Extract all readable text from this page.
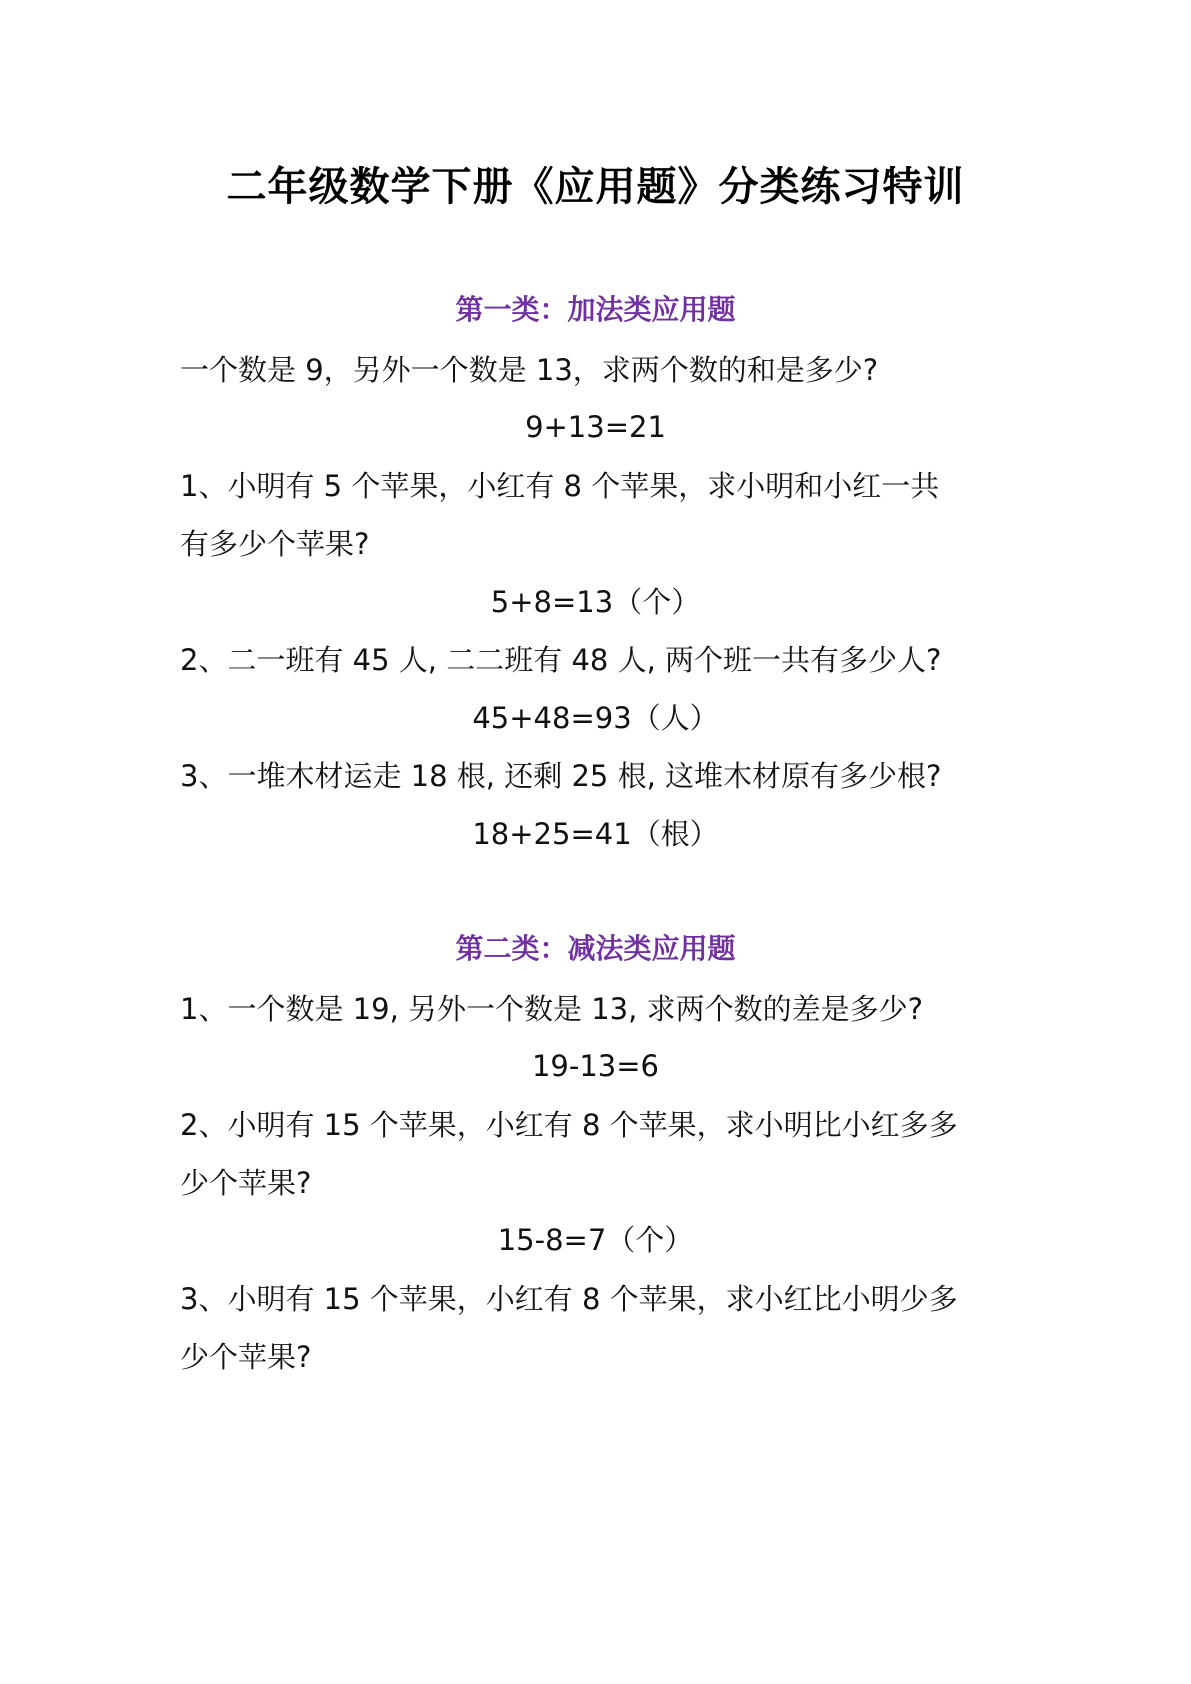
二年级数学下册《应用题》分类练习特训
第一类：加法类应用题
一个数是 9，另外一个数是 13，求两个数的和是多少?
9+13=21
1、小明有 5 个苹果，小红有 8 个苹果，求小明和小红一共
有多少个苹果?
5+8=13（个）
2、二一班有 45 人, 二二班有 48 人, 两个班一共有多少人?
45+48=93（人）
3、一堆木材运走 18 根, 还剩 25 根, 这堆木材原有多少根?
18+25=41（根）
第二类：减法类应用题
1、一个数是 19, 另外一个数是 13, 求两个数的差是多少?
19-13=6
2、小明有 15 个苹果，小红有 8 个苹果，求小明比小红多多
少个苹果?
15-8=7（个）
3、小明有 15 个苹果，小红有 8 个苹果，求小红比小明少多
少个苹果?
